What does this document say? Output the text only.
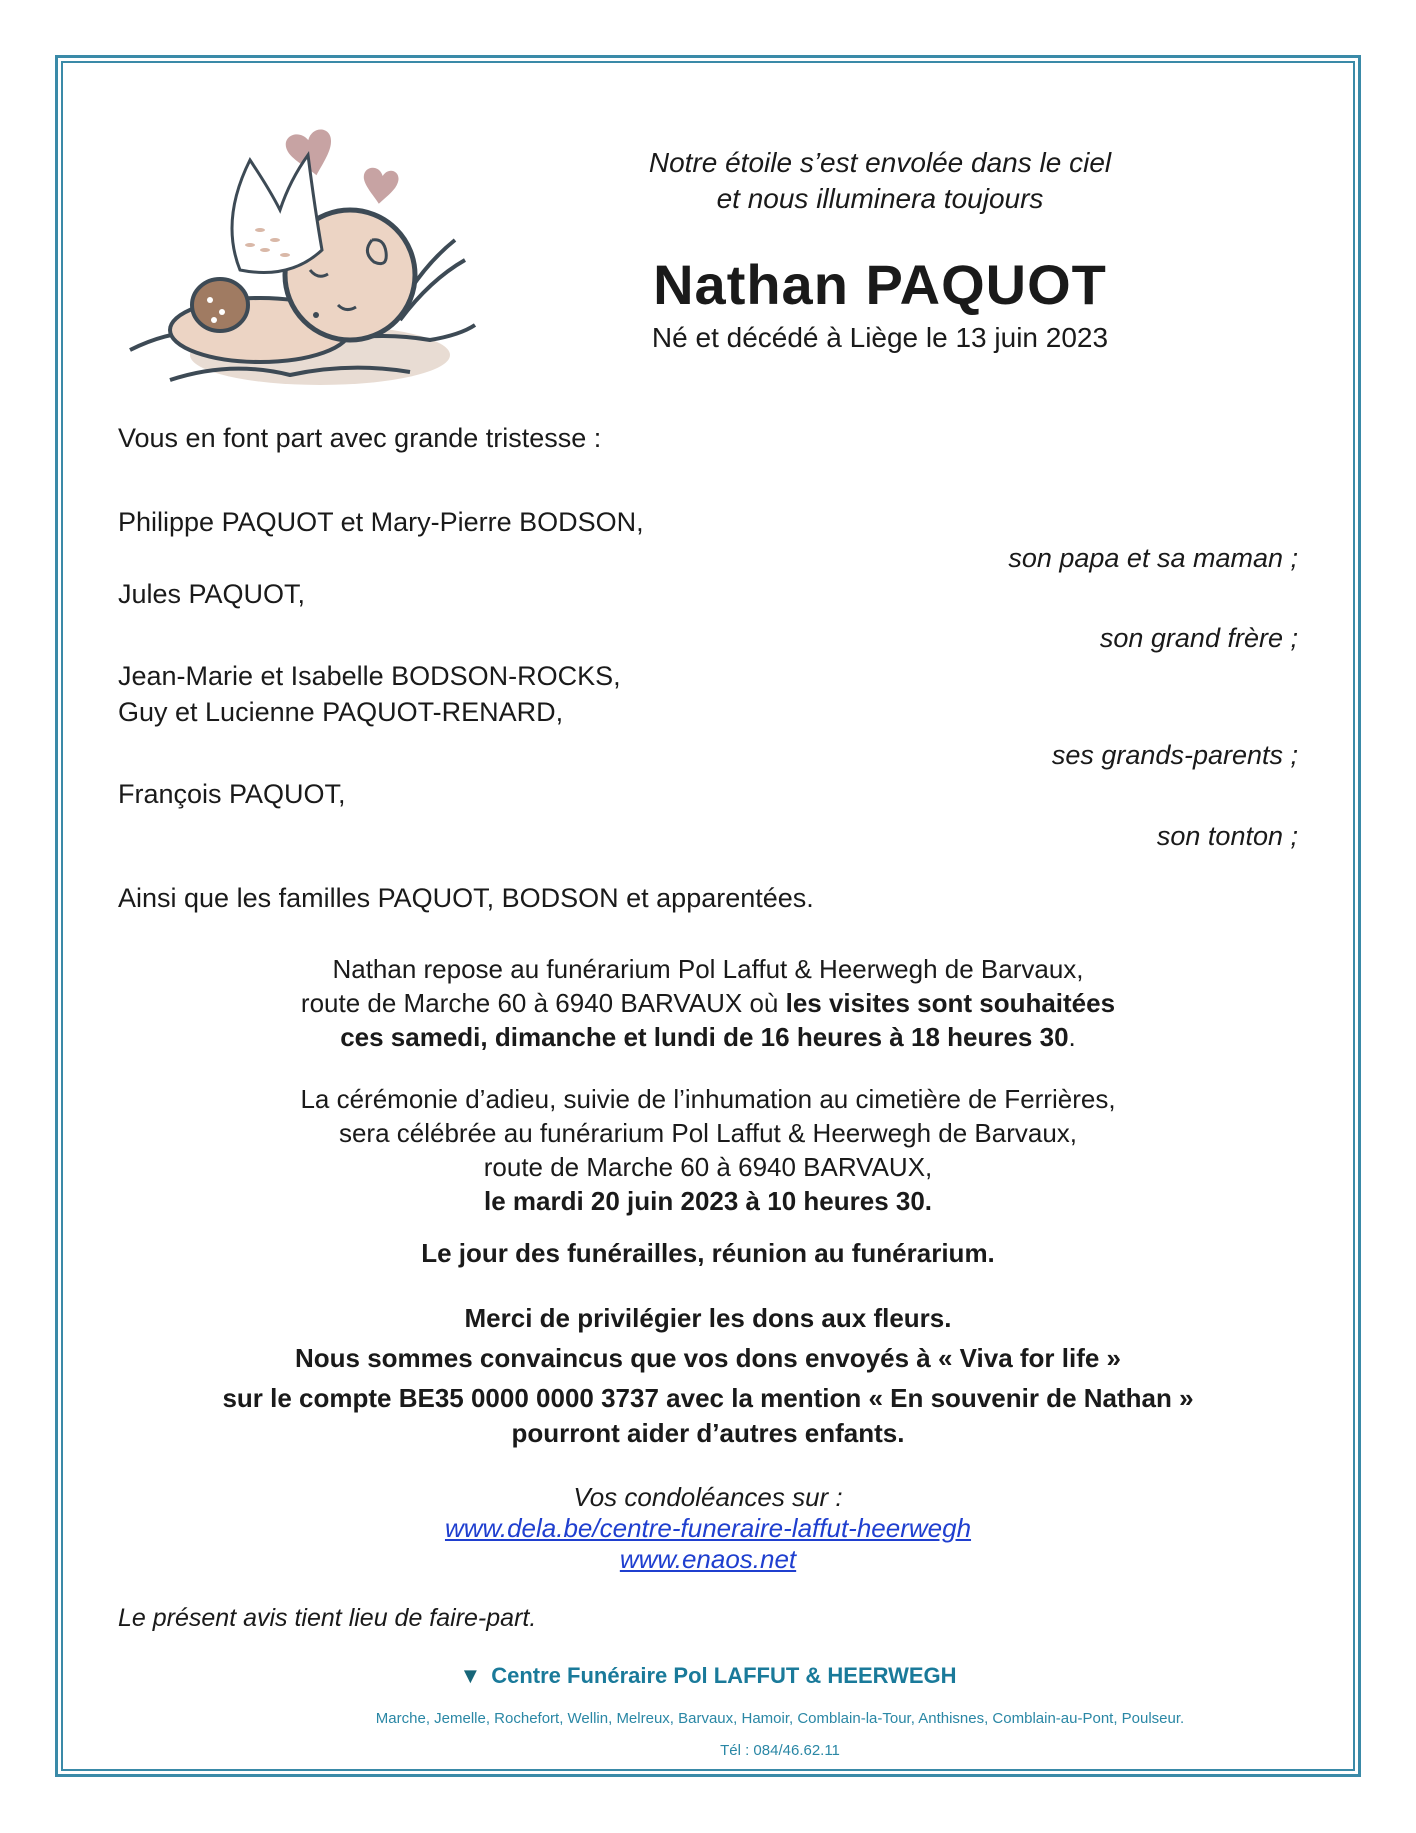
Notre étoile s’est envolée dans le ciel
et nous illuminera toujours
Nathan PAQUOT
Né et décédé à Liège le 13 juin 2023
Vous en font part avec grande tristesse :
Philippe PAQUOT et Mary-Pierre BODSON,
son papa et sa maman ;
Jules PAQUOT,
son grand frère ;
Jean-Marie et Isabelle BODSON-ROCKS,
Guy et Lucienne PAQUOT-RENARD,
ses grands-parents ;
François PAQUOT,
son tonton ;
Ainsi que les familles PAQUOT, BODSON et apparentées.
Nathan repose au funérarium Pol Laffut & Heerwegh de Barvaux,
route de Marche 60 à 6940 BARVAUX où les visites sont souhaitées
ces samedi, dimanche et lundi de 16 heures à 18 heures 30.
La cérémonie d’adieu, suivie de l’inhumation au cimetière de Ferrières,
sera célébrée au funérarium Pol Laffut & Heerwegh de Barvaux,
route de Marche 60 à 6940 BARVAUX,
le mardi 20 juin 2023 à 10 heures 30.
Le jour des funérailles, réunion au funérarium.
Merci de privilégier les dons aux fleurs.
Nous sommes convaincus que vos dons envoyés à « Viva for life »
sur le compte BE35 0000 0000 3737 avec la mention « En souvenir de Nathan »
pourront aider d’autres enfants.
Vos condoléances sur :
www.dela.be/centre-funeraire-laffut-heerwegh
www.enaos.net
Le présent avis tient lieu de faire-part.
▼ Centre Funéraire Pol LAFFUT & HEERWEGH
Marche, Jemelle, Rochefort, Wellin, Melreux, Barvaux, Hamoir, Comblain-la-Tour, Anthisnes, Comblain-au-Pont, Poulseur.
Tél : 084/46.62.11
